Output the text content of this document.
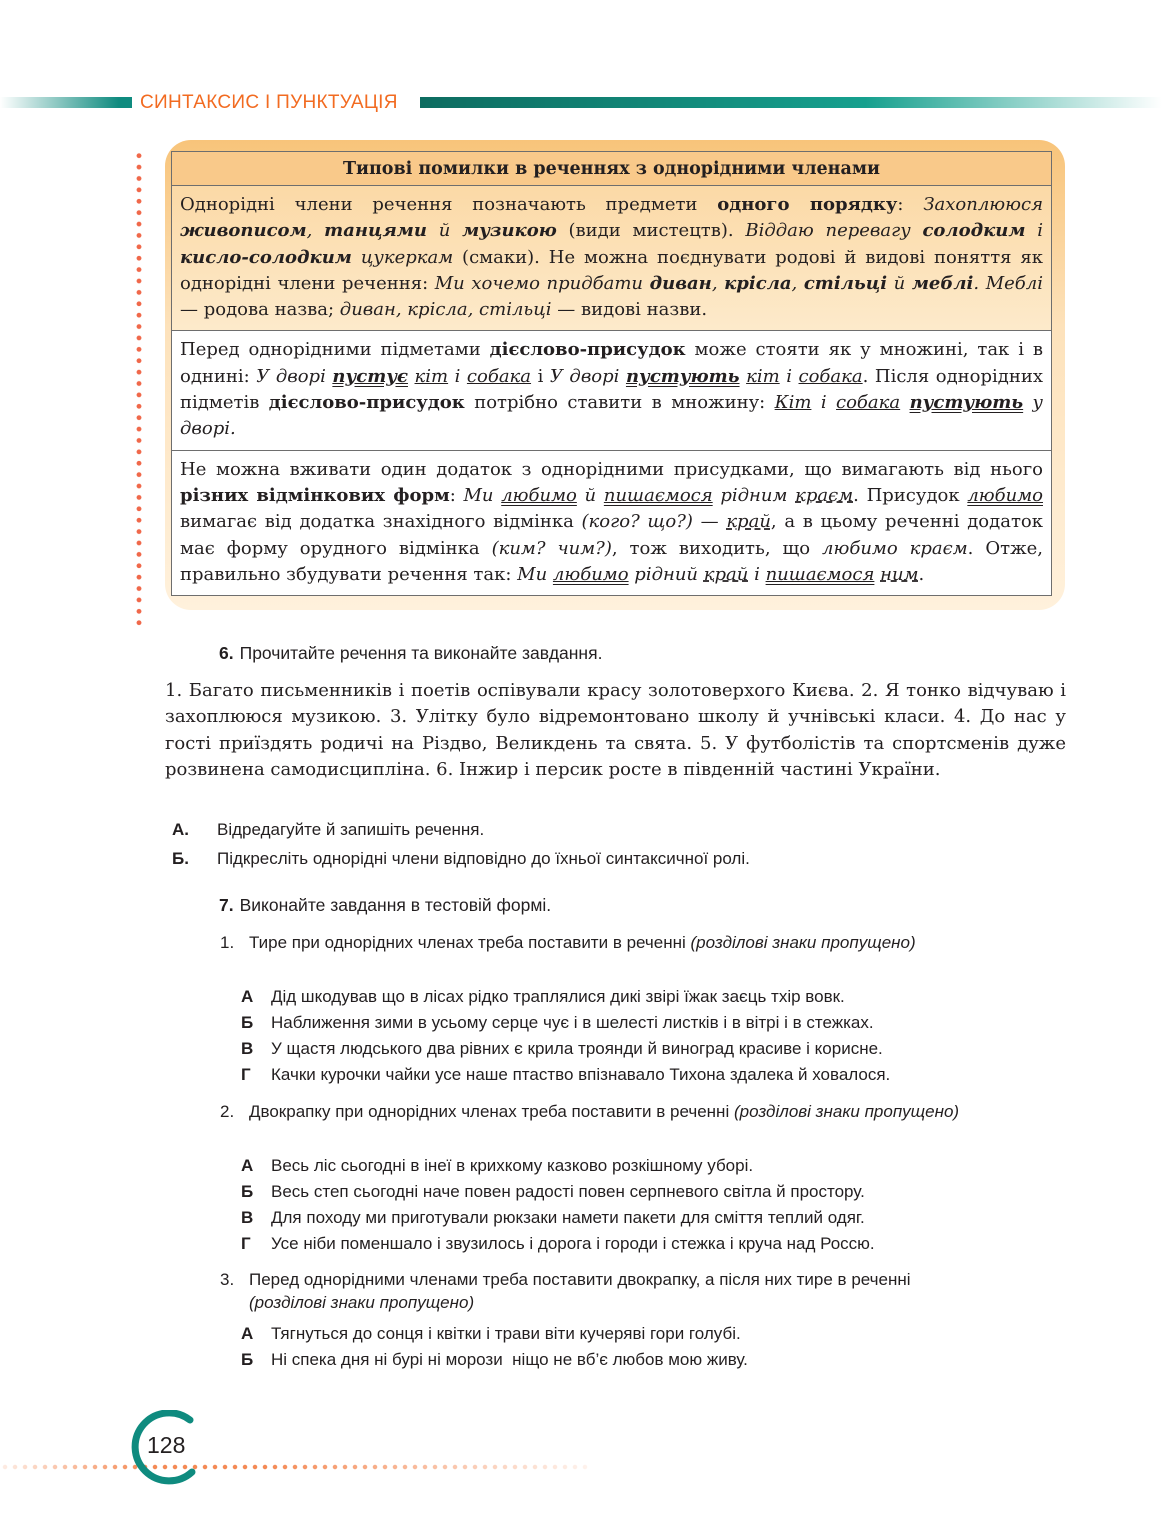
СИНТАКСИС І ПУНКТУАЦІЯ
Типові помилки в реченнях з однорідними членами
Однорідні члени речення позначають предмети одного порядку: Захоплююся живописом, танцями й музикою (види мистецтв). Віддаю перевагу солодким і кисло-солодким цукеркам (смаки). Не можна поєднувати родові й видові поняття як однорідні члени речення: Ми хочемо придбати диван, крісла, стільці й меблі. Меблі — родова назва; диван, крісла, стільці — видові назви.
Перед однорідними підметами дієслово-присудок може стояти як у множині, так і в однині: У дворі пустує кіт і собака і У дворі пустують кіт і собака. Після однорідних підметів дієслово-присудок потрібно ставити в множину: Кіт і собака пустують у дворі.
Не можна вживати один додаток з однорідними присудками, що вимагають від нього різних відмінкових форм: Ми любимо й пишаємося рідним краєм. Присудок любимо вимагає від додатка знахідного відмінка (кого? що?) — край, а в цьому реченні додаток має форму орудного відмінка (ким? чим?), тож виходить, що любимо краєм. Отже, правильно збудувати речення так: Ми любимо рідний край і пишаємося ним.
6. Прочитайте речення та виконайте завдання.
1. Багато письменників і поетів оспівували красу золотоверхого Києва. 2. Я тонко відчуваю і захоплююся музикою. 3. Улітку було відремонтовано школу й учнівські класи. 4. До нас у гості приїздять родичі на Різдво, Великдень та свята. 5. У футболістів та спортсменів дуже розвинена самодисципліна. 6. Інжир і персик росте в південній частині України.
А. Відредагуйте й запишіть речення.
Б. Підкресліть однорідні члени відповідно до їхньої синтаксичної ролі.
7. Виконайте завдання в тестовій формі.
1. Тире при однорідних членах треба поставити в реченні (розділові знаки пропущено)
А Дід шкодував що в лісах рідко траплялися дикі звірі їжак заєць тхір вовк.
Б Наближення зими в усьому серце чує і в шелесті листків і в вітрі і в стежках.
В У щастя людського два рівних є крила троянди й виноград красиве і корисне.
Г Качки курочки чайки усе наше птаство впізнавало Тихона здалека й ховалося.
2. Двокрапку при однорідних членах треба поставити в реченні (розділові знаки пропущено)
А Весь ліс сьогодні в інеї в крихкому казково розкішному уборі.
Б Весь степ сьогодні наче повен радості повен серпневого світла й простору.
В Для походу ми приготували рюкзаки намети пакети для сміття теплий одяг.
Г Усе ніби поменшало і звузилось і дорога і городи і стежка і круча над Россю.
3. Перед однорідними членами треба поставити двокрапку, а після них тире в реченні (розділові знаки пропущено)
А Тягнуться до сонця і квітки і трави віти кучеряві гори голубі.
Б Ні спека дня ні бурі ні морози  ніщо не вб’є любов мою живу.
128
